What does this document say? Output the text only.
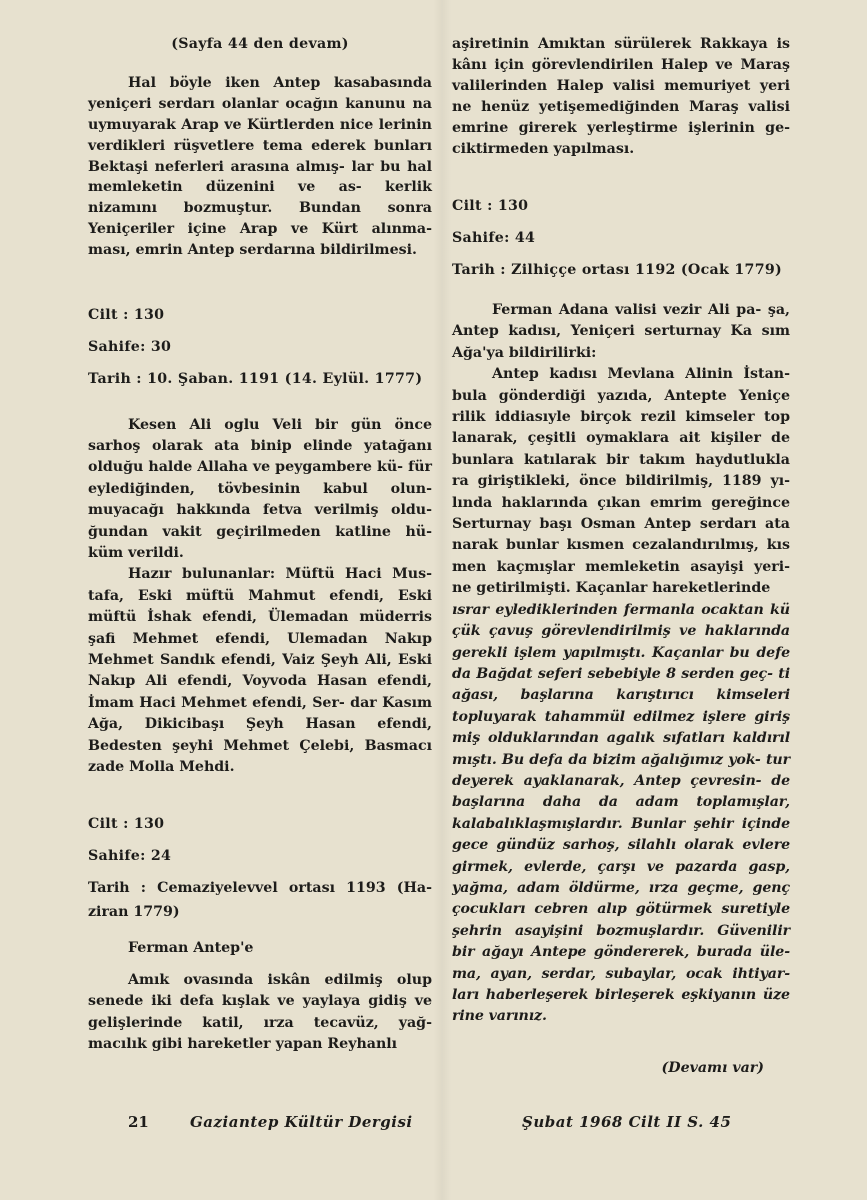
(Sayfa 44 den devam)

Hal böyle iken Antep kasabasında yeniçeri serdarı olanlar ocağın kanunu na uymuyarak Arap ve Kürtlerden nice lerinin verdikleri rüşvetlere tema ederek bunları Bektaşi neferleri arasına almış- lar bu hal memleketin düzenini ve as- kerlik nizamını bozmuştur. Bundan sonra Yeniçeriler içine Arap ve Kürt alınma- ması, emrin Antep serdarına bildirilmesi.

Cilt : 130
Sahife: 30
Tarih : 10. Şaban. 1191 (14. Eylül. 1777)

Kesen Ali oglu Veli bir gün önce sarhoş olarak ata binip elinde yatağanı olduğu halde Allaha ve peygambere kü- für eylediğinden, tövbesinin kabul olun- muyacağı hakkında fetva verilmiş oldu- ğundan vakit geçirilmeden katline hü- küm verildi.

Hazır bulunanlar: Müftü Haci Mus- tafa, Eski müftü Mahmut efendi, Eski müftü İshak efendi, Ülemadan müderris şafi Mehmet efendi, Ulemadan Nakıp Mehmet Sandık efendi, Vaiz Şeyh Ali, Eski Nakıp Ali efendi, Voyvoda Hasan efendi, İmam Haci Mehmet efendi, Ser- dar Kasım Ağa, Dikicibaşı Şeyh Hasan efendi, Bedesten şeyhi Mehmet Çelebi, Basmacı zade Molla Mehdi.

Cilt : 130
Sahife: 24

Tarih : Cemaziyelevvel ortası 1193 (Ha- ziran 1779)

Ferman Antep'e

Amık ovasında iskân edilmiş olup senede iki defa kışlak ve yaylaya gidiş ve gelişlerinde katil, ırza tecavüz, yağ- macılık gibi hareketler yapan Reyhanlı

aşiretinin Amıktan sürülerek Rakkaya is kânı için görevlendirilen Halep ve Maraş valilerinden Halep valisi memuriyet yeri ne henüz yetişemediğinden Maraş valisi emrine girerek yerleştirme işlerinin ge- ciktirmeden yapılması.

Cilt : 130
Sahife: 44
Tarih : Zilhiççe ortası 1192 (Ocak 1779)

Ferman Adana valisi vezir Ali pa- şa, Antep kadısı, Yeniçeri serturnay Ka sım Ağa'ya bildirilirki:

Antep kadısı Mevlana Alinin İstan- bula gönderdiği yazıda, Antepte Yeniçe rilik iddiasıyle birçok rezil kimseler top lanarak, çeşitli oymaklara ait kişiler de bunlara katılarak bir takım haydutlukla ra giriştikleki, önce bildirilmiş, 1189 yı- lında haklarında çıkan emrim gereğince Serturnay başı Osman Antep serdarı ata narak bunlar kısmen cezalandırılmış, kıs men kaçmışlar memleketin asayişi yeri- ne getirilmişti. Kaçanlar hareketlerinde

ısrar eylediklerinden fermanla ocaktan kü çük çavuş görevlendirilmiş ve haklarında gerekli işlem yapılmıştı. Kaçanlar bu defe da Bağdat seferi sebebiyle 8 serden geç- ti ağası, başlarına karıştırıcı kimseleri topluyarak tahammül edilmez işlere giriş miş olduklarından agalık sıfatları kaldırıl mıştı. Bu defa da bizim ağalığımız yok- tur deyerek ayaklanarak, Antep çevresin- de başlarına daha da adam toplamışlar, kalabalıklaşmışlardır. Bunlar şehir içinde gece gündüz sarhoş, silahlı olarak evlere girmek, evlerde, çarşı ve pazarda gasp, yağma, adam öldürme, ırza geçme, genç çocukları cebren alıp götürmek suretiyle şehrin asayişini bozmuşlardır. Güvenilir bir ağayı Antepe göndererek, burada üle- ma, ayan, serdar, subaylar, ocak ihtiyar- ları haberleşerek birleşerek eşkiyanın üze rine varınız.

(Devamı var)

21	Gaziantep Kültür Dergisi	Şubat 1968 Cilt II S. 45
